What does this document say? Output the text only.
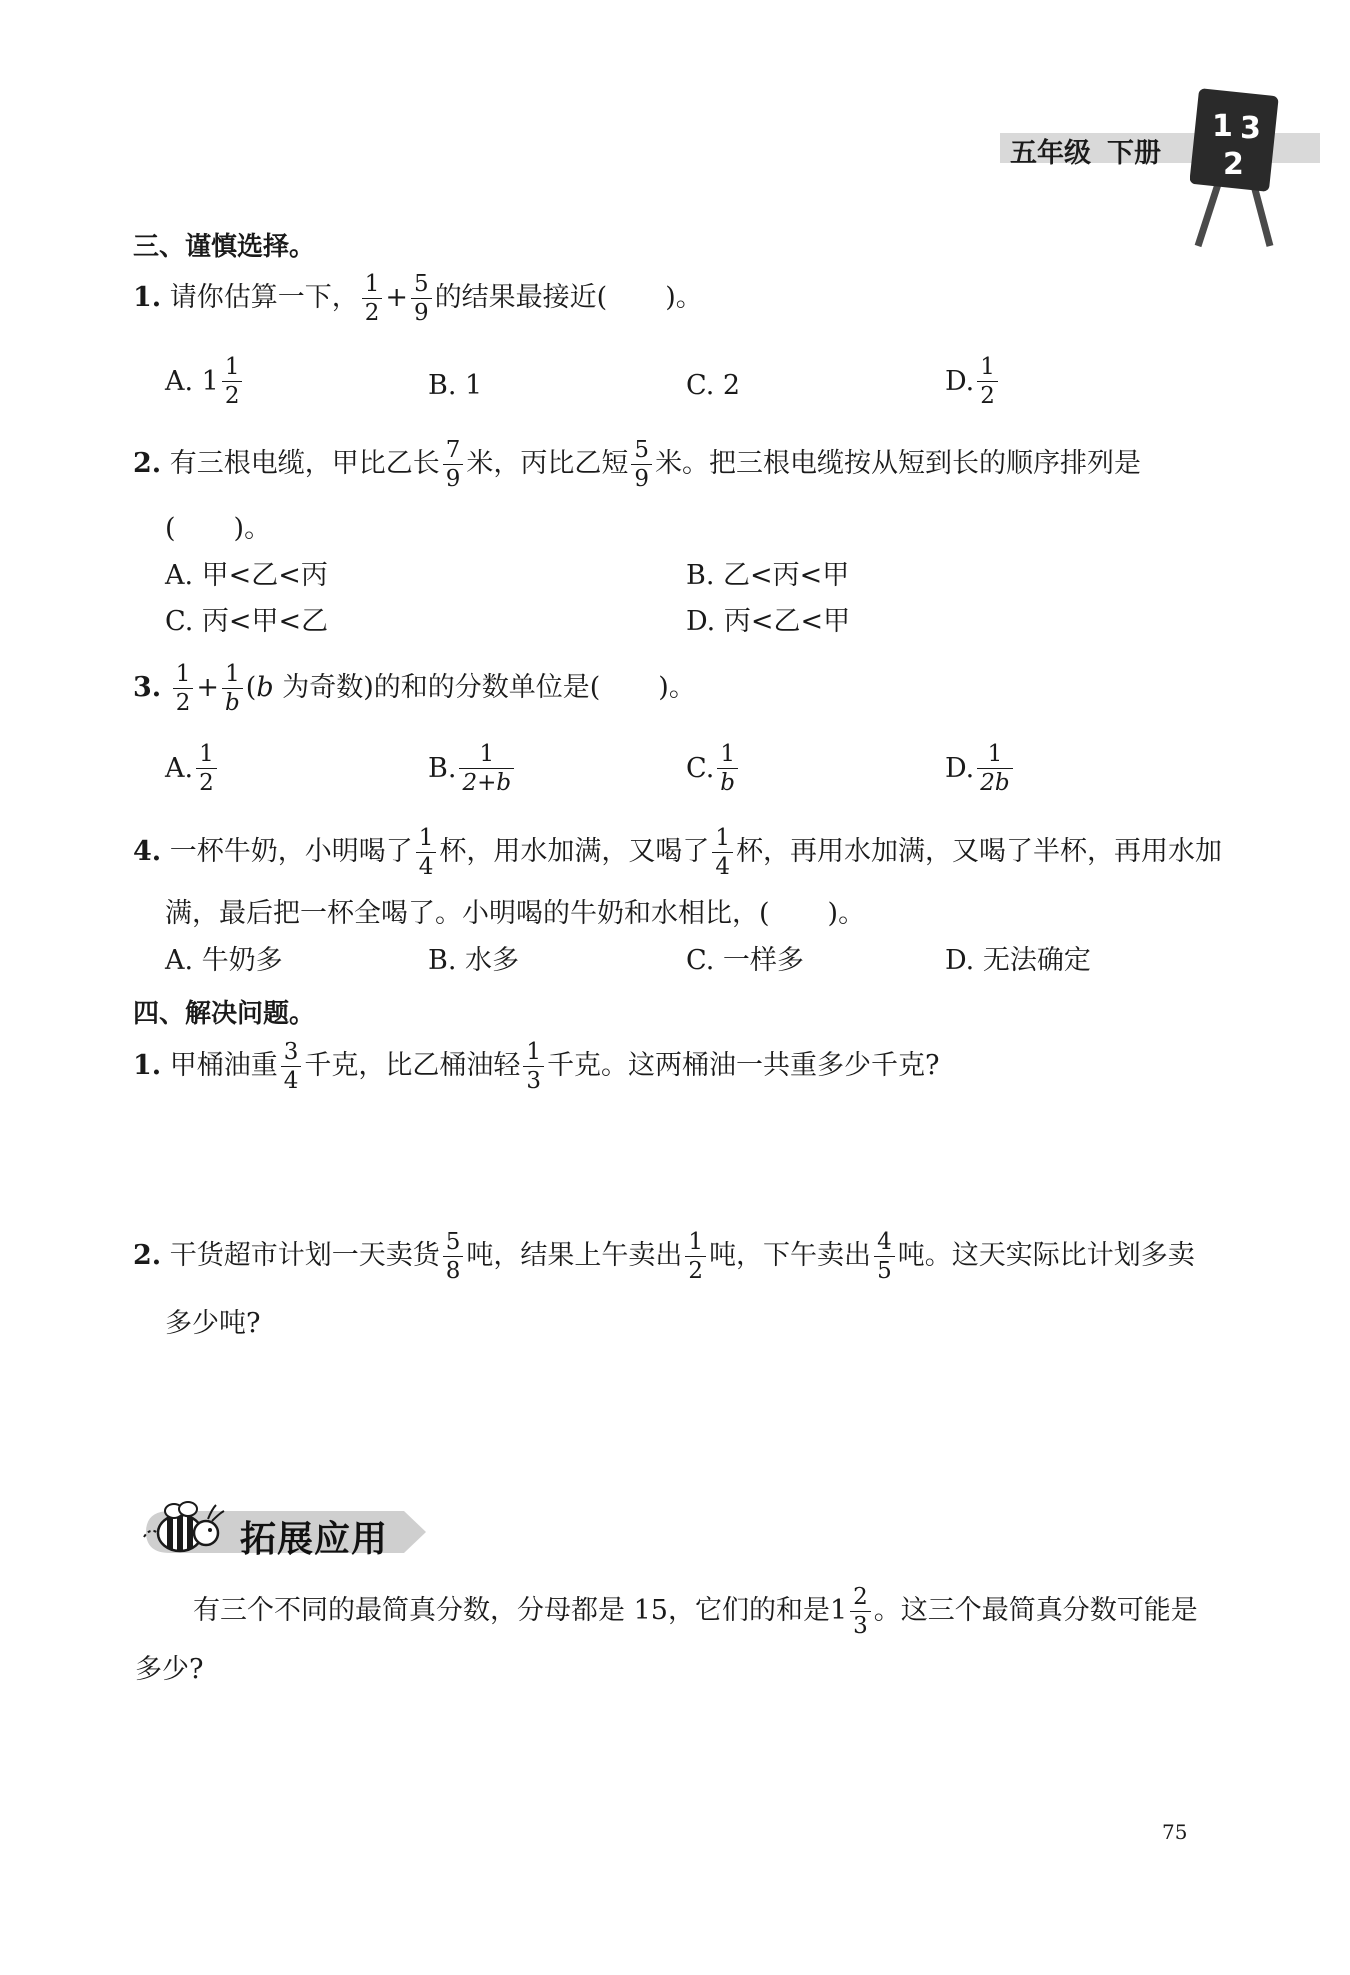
五年级 下册
1 3
2
三、谨慎选择。
1. 请你估算一下， $\frac{1}{2} + \frac{5}{9}$ 的结果最接近( )。
A. $1 \frac{1}{2}$	B. 1	C. 2	D. $\frac{1}{2}$
2. 有三根电缆，甲比乙长 $\frac{7}{9}$ 米，丙比乙短 $\frac{5}{9}$ 米。把三根电缆按从短到长的顺序排列是
( )。
A. 甲<乙<丙	B. 乙<丙<甲
C. 丙<甲<乙	D. 丙<乙<甲
3. $\frac{1}{2} + \frac{1}{b} (b$ 为奇数)的和的分数单位是( )。
A. $\frac{1}{2}$	B. $\frac{1}{2+b}$	C. $\frac{1}{b}$	D. $\frac{1}{2b}$
4. 一杯牛奶，小明喝了 $\frac{1}{4}$ 杯，用水加满，又喝了 $\frac{1}{4}$ 杯，再用水加满，又喝了半杯，再用水加
满，最后把一杯全喝了。小明喝的牛奶和水相比，( )。
A. 牛奶多	B. 水多	C. 一样多	D. 无法确定
四、解决问题。
1. 甲桶油重 $\frac{3}{4}$ 千克，比乙桶油轻 $\frac{1}{3}$ 千克。这两桶油一共重多少千克?
2. 干货超市计划一天卖货 $\frac{5}{8}$ 吨，结果上午卖出 $\frac{1}{2}$ 吨，下午卖出 $\frac{4}{5}$ 吨。这天实际比计划多卖
多少吨?
拓展应用
有三个不同的最简真分数，分母都是 15，它们的和是$1 \frac{2}{3}$ 。这三个最简真分数可能是
多少?
75
